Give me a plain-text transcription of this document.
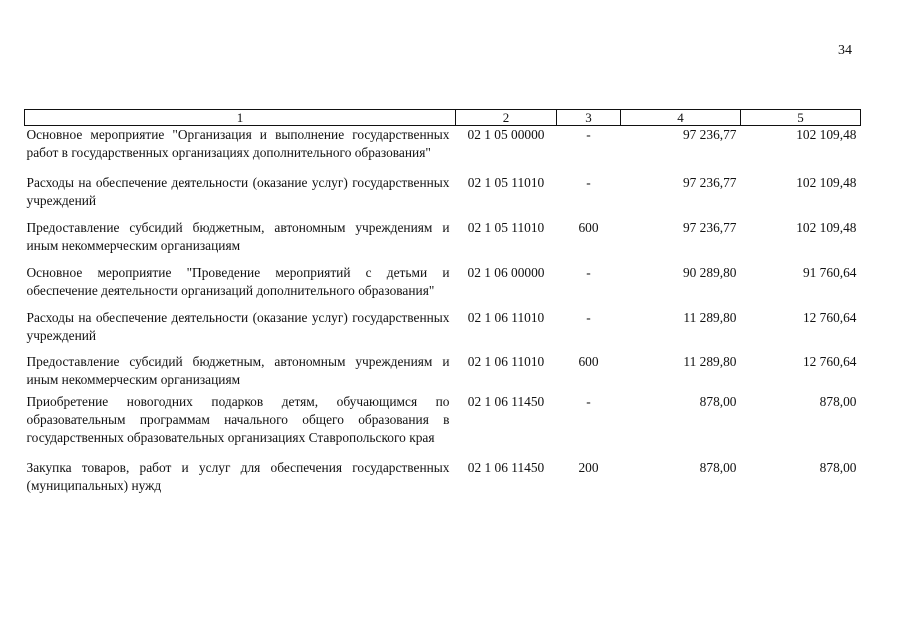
34
1	2	3	4	5
Основное мероприятие "Организация и выполнение государственных работ в государственных организациях дополнительного образования"	02 1 05 00000	-	97 236,77	102 109,48
Расходы на обеспечение деятельности (оказание услуг) государственных учреждений	02 1 05 11010	-	97 236,77	102 109,48
Предоставление субсидий бюджетным, автономным учреждениям и иным некоммерческим организациям	02 1 05 11010	600	97 236,77	102 109,48
Основное мероприятие "Проведение мероприятий с детьми и обеспечение деятельности организаций дополнительного образования"	02 1 06 00000	-	90 289,80	91 760,64
Расходы на обеспечение деятельности (оказание услуг) государственных учреждений	02 1 06 11010	-	11 289,80	12 760,64
Предоставление субсидий бюджетным, автономным учреждениям и иным некоммерческим организациям	02 1 06 11010	600	11 289,80	12 760,64
Приобретение новогодних подарков детям, обучающимся по образовательным программам начального общего образования в государственных образовательных организациях Ставропольского края	02 1 06 11450	-	878,00	878,00
Закупка товаров, работ и услуг для обеспечения государственных (муниципальных) нужд	02 1 06 11450	200	878,00	878,00
